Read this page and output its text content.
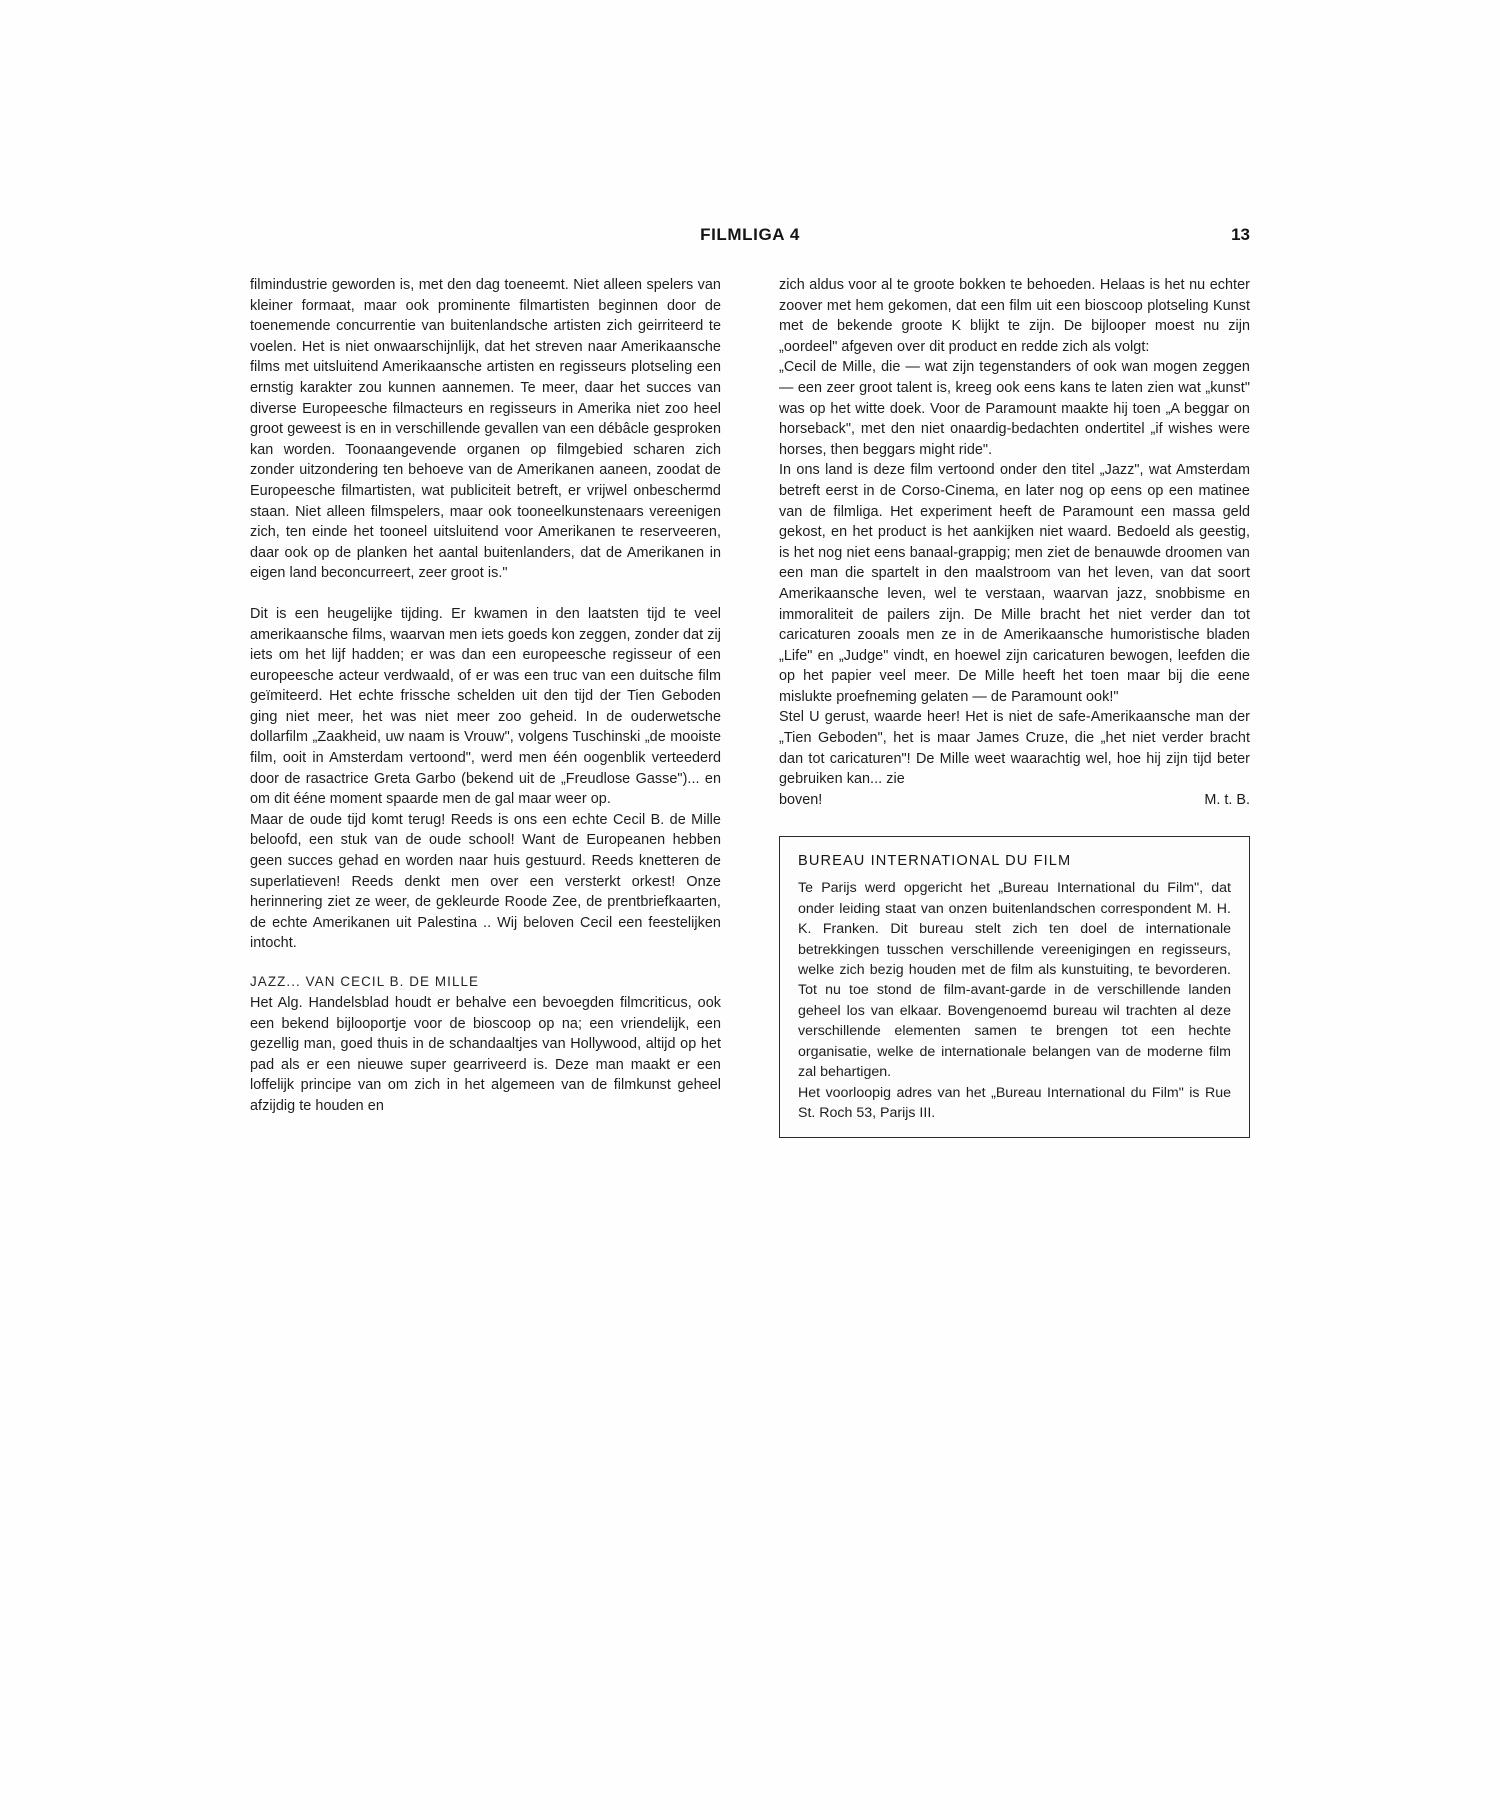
FILMLIGA 4	13

filmindustrie geworden is, met den dag toeneemt. Niet alleen spelers van kleiner formaat, maar ook prominente filmartisten beginnen door de toenemende concurrentie van buitenlandsche artisten zich geirriteerd te voelen. Het is niet onwaarschijnlijk, dat het streven naar Amerikaansche films met uitsluitend Amerikaansche artisten en regisseurs plotseling een ernstig karakter zou kunnen aannemen. Te meer, daar het succes van diverse Europeesche filmacteurs en regisseurs in Amerika niet zoo heel groot geweest is en in verschillende gevallen van een débâcle gesproken kan worden. Toonaangevende organen op filmgebied scharen zich zonder uitzondering ten behoeve van de Amerikanen aaneen, zoodat de Europeesche filmartisten, wat publiciteit betreft, er vrijwel onbeschermd staan. Niet alleen filmspelers, maar ook tooneelkunstenaars vereenigen zich, ten einde het tooneel uitsluitend voor Amerikanen te reserveeren, daar ook op de planken het aantal buitenlanders, dat de Amerikanen in eigen land beconcurreert, zeer groot is."

Dit is een heugelijke tijding. Er kwamen in den laatsten tijd te veel amerikaansche films, waarvan men iets goeds kon zeggen, zonder dat zij iets om het lijf hadden; er was dan een europeesche regisseur of een europeesche acteur verdwaald, of er was een truc van een duitsche film geïmiteerd. Het echte frissche schelden uit den tijd der Tien Geboden ging niet meer, het was niet meer zoo geheid. In de ouderwetsche dollarfilm „Zaakheid, uw naam is Vrouw", volgens Tuschinski „de mooiste film, ooit in Amsterdam vertoond", werd men één oogenblik verteederd door de rasactrice Greta Garbo (bekend uit de „Freudlose Gasse")... en om dit ééne moment spaarde men de gal maar weer op.

Maar de oude tijd komt terug! Reeds is ons een echte Cecil B. de Mille beloofd, een stuk van de oude school! Want de Europeanen hebben geen succes gehad en worden naar huis gestuurd. Reeds knetteren de superlatieven! Reeds denkt men over een versterkt orkest! Onze herinnering ziet ze weer, de gekleurde Roode Zee, de prentbriefkaarten, de echte Amerikanen uit Palestina .. Wij beloven Cecil een feestelijken intocht.

JAZZ... VAN CECIL B. DE MILLE

Het Alg. Handelsblad houdt er behalve een bevoegden filmcriticus, ook een bekend bijlooportje voor de bioscoop op na; een vriendelijk, een gezellig man, goed thuis in de schandaaltjes van Hollywood, altijd op het pad als er een nieuwe super gearriveerd is. Deze man maakt er een loffelijk principe van om zich in het algemeen van de filmkunst geheel afzijdig te houden en

zich aldus voor al te groote bokken te behoeden. Helaas is het nu echter zoover met hem gekomen, dat een film uit een bioscoop plotseling Kunst met de bekende groote K blijkt te zijn. De bijlooper moest nu zijn „oordeel" afgeven over dit product en redde zich als volgt:

„Cecil de Mille, die — wat zijn tegenstanders of ook wan mogen zeggen — een zeer groot talent is, kreeg ook eens kans te laten zien wat „kunst" was op het witte doek. Voor de Paramount maakte hij toen „A beggar on horseback", met den niet onaardig-bedachten ondertitel „if wishes were horses, then beggars might ride".

In ons land is deze film vertoond onder den titel „Jazz", wat Amsterdam betreft eerst in de Corso-Cinema, en later nog op eens op een matinee van de filmliga. Het experiment heeft de Paramount een massa geld gekost, en het product is het aankijken niet waard. Bedoeld als geestig, is het nog niet eens banaal-grappig; men ziet de benauwde droomen van een man die spartelt in den maalstroom van het leven, van dat soort Amerikaansche leven, wel te verstaan, waarvan jazz, snobbisme en immoraliteit de pailers zijn. De Mille bracht het niet verder dan tot caricaturen zooals men ze in de Amerikaansche humoristische bladen „Life" en „Judge" vindt, en hoewel zijn caricaturen bewogen, leefden die op het papier veel meer. De Mille heeft het toen maar bij die eene mislukte proefneming gelaten — de Paramount ook!"

Stel U gerust, waarde heer! Het is niet de safe-Amerikaansche man der „Tien Geboden", het is maar James Cruze, die „het niet verder bracht dan tot caricaturen"! De Mille weet waarachtig wel, hoe hij zijn tijd beter gebruiken kan... zie

boven!	M. t. B.
BUREAU INTERNATIONAL DU FILM

Te Parijs werd opgericht het „Bureau International du Film", dat onder leiding staat van onzen buitenlandschen correspondent M. H. K. Franken. Dit bureau stelt zich ten doel de internationale betrekkingen tusschen verschillende vereenigingen en regisseurs, welke zich bezig houden met de film als kunstuiting, te bevorderen. Tot nu toe stond de film-avant-garde in de verschillende landen geheel los van elkaar. Bovengenoemd bureau wil trachten al deze verschillende elementen samen te brengen tot een hechte organisatie, welke de internationale belangen van de moderne film zal behartigen.

Het voorloopig adres van het „Bureau International du Film" is Rue St. Roch 53, Parijs III.
